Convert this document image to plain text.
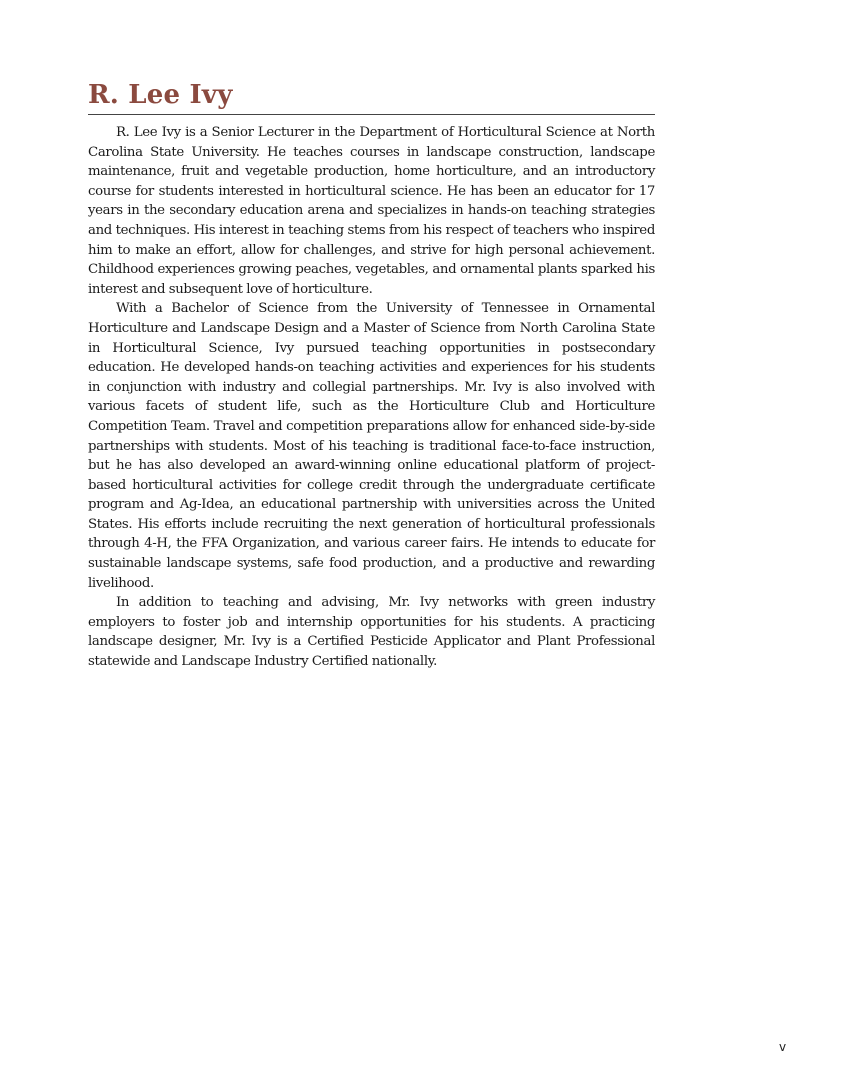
R. Lee Ivy

R. Lee Ivy is a Senior Lecturer in the Department of Horticultural Science at North Carolina State University. He teaches courses in landscape construction, landscape maintenance, fruit and vegetable production, home horticulture, and an introductory course for students interested in horticultural science. He has been an educator for 17 years in the secondary education arena and specializes in hands-on teaching strategies and techniques. His interest in teaching stems from his respect of teachers who inspired him to make an effort, allow for challenges, and strive for high personal achievement. Childhood experiences growing peaches, vegetables, and ornamental plants sparked his interest and subsequent love of horticulture.

With a Bachelor of Science from the University of Tennessee in Ornamental Horticulture and Landscape Design and a Master of Science from North Carolina State in Horticultural Science, Ivy pursued teaching opportunities in postsecondary education. He developed hands-on teaching activities and experiences for his students in conjunction with industry and collegial partnerships. Mr. Ivy is also involved with various facets of student life, such as the Horticulture Club and Horticulture Competition Team. Travel and competition preparations allow for enhanced side-by-side partnerships with students. Most of his teaching is traditional face-to-face instruction, but he has also developed an award-winning online educational platform of project-based horticultural activities for college credit through the undergraduate certificate program and Ag-Idea, an educational partnership with universities across the United States. His efforts include recruiting the next generation of horticultural professionals through 4-H, the FFA Organization, and various career fairs. He intends to educate for sustainable landscape systems, safe food production, and a productive and rewarding livelihood.

In addition to teaching and advising, Mr. Ivy networks with green industry employers to foster job and internship opportunities for his students. A practicing landscape designer, Mr. Ivy is a Certified Pesticide Applicator and Plant Professional statewide and Landscape Industry Certified nationally.

v
